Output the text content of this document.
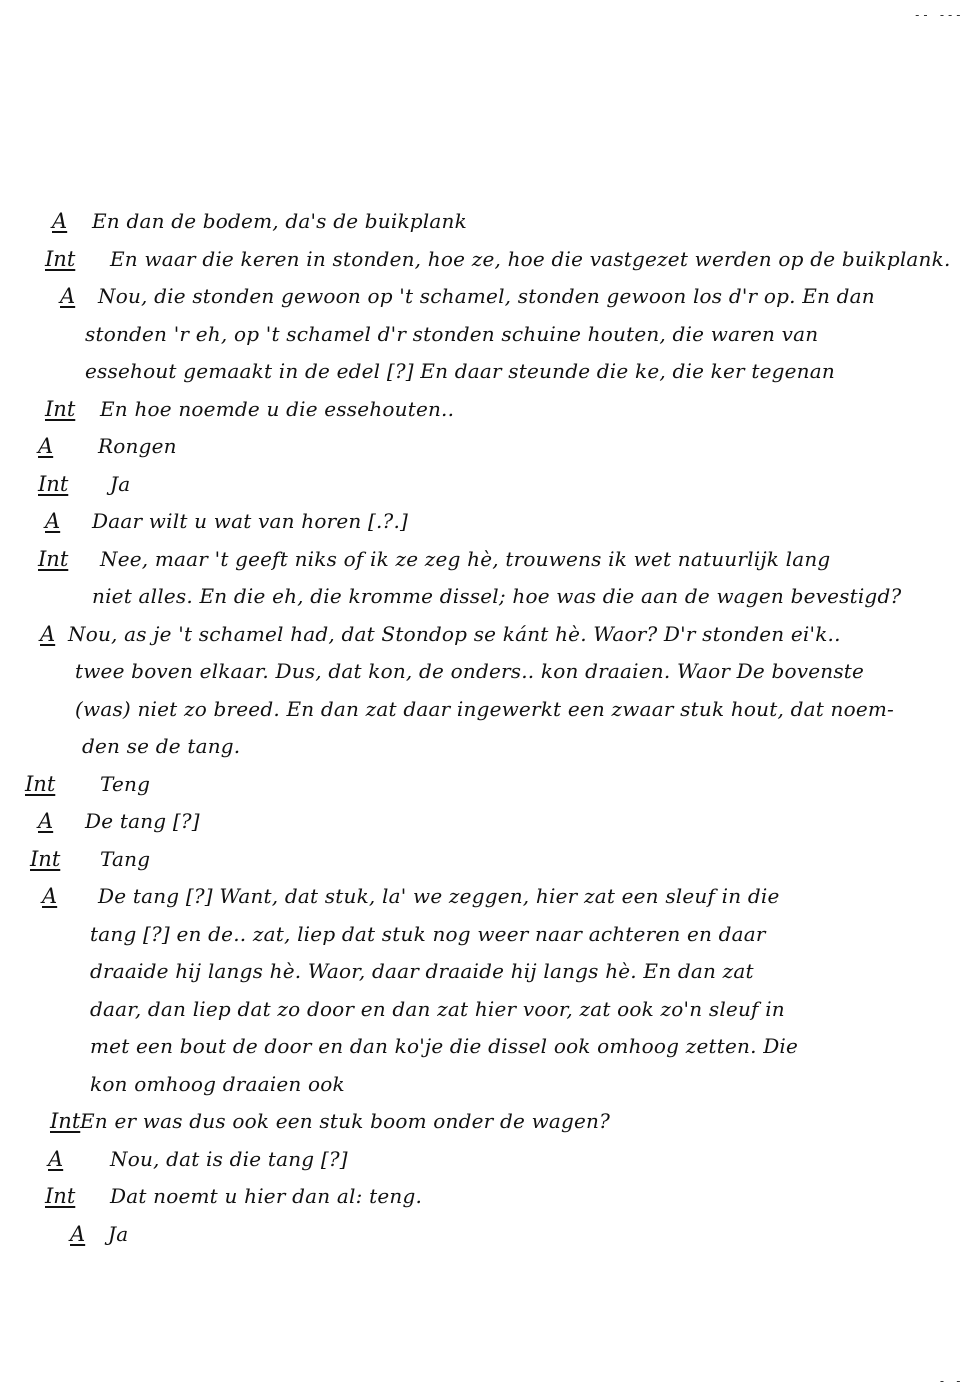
-- ---
A En dan de bodem, da's de buikplank
Int En waar die keren in stonden, hoe ze, hoe die vastgezet werden op de buikplank.
A Nou, die stonden gewoon op 't schamel, stonden gewoon los d'r op. En dan
stonden 'r eh, op 't schamel d'r stonden schuine houten, die waren van
essehout gemaakt in de edel [?] En daar steunde die ke, die ker tegenan
Int En hoe noemde u die essehouten..
A Rongen
Int Ja
A Daar wilt u wat van horen [.?.]
Int Nee, maar 't geeft niks of ik ze zeg hè, trouwens ik wet natuurlijk lang
niet alles. En die eh, die kromme dissel; hoe was die aan de wagen bevestigd?
A Nou, as je 't schamel had, dat Stondop se kánt hè. Waor? D'r stonden ei'k..
twee boven elkaar. Dus, dat kon, de onders.. kon draaien. Waor De bovenste
(was) niet zo breed. En dan zat daar ingewerkt een zwaar stuk hout, dat noem-
den se de tang.
Int Teng
A De tang [?]
Int Tang
A De tang [?] Want, dat stuk, la' we zeggen, hier zat een sleuf in die
tang [?] en de.. zat, liep dat stuk nog weer naar achteren en daar
draaide hij langs hè. Waor, daar draaide hij langs hè. En dan zat
daar, dan liep dat zo door en dan zat hier voor, zat ook zo'n sleuf in
met een bout de door en dan ko'je die dissel ook omhoog zetten. Die
kon omhoog draaien ook
Int En er was dus ook een stuk boom onder de wagen?
A Nou, dat is die tang [?]
Int Dat noemt u hier dan al: teng.
A Ja
- -
